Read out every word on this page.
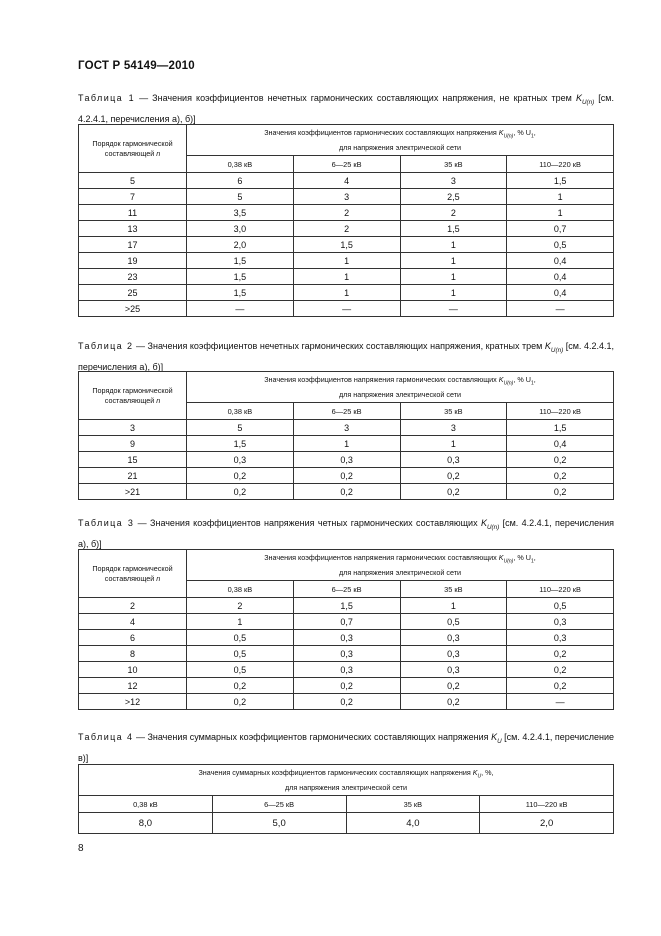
ГОСТ Р 54149—2010
Таблица 1 — Значения коэффициентов нечетных гармонических составляющих напряжения, не кратных трем $K_{U(n)}$ [см. 4.2.4.1, перечисления а), б)]
Порядок гармонической составляющей n	Значения коэффициентов гармонических составляющих напряжения $K_{U(n)}$, % $U_1$,
для напряжения электрической сети			
	0,38 кВ	6—25 кВ	35 кВ	110—220 кВ
5	6	4	3	1,5
7	5	3	2,5	1
11	3,5	2	2	1
13	3,0	2	1,5	0,7
17	2,0	1,5	1	0,5
19	1,5	1	1	0,4
23	1,5	1	1	0,4
25	1,5	1	1	0,4
>25	—	—	—	—
Таблица 2 — Значения коэффициентов нечетных гармонических составляющих напряжения, кратных трем $K_{U(n)}$ [см. 4.2.4.1, перечисления а), б)]
Порядок гармонической составляющей n	Значения коэффициентов напряжения гармонических составляющих $K_{U(n)}$, % $U_1$,
для напряжения электрической сети			
	0,38 кВ	6—25 кВ	35 кВ	110—220 кВ
3	5	3	3	1,5
9	1,5	1	1	0,4
15	0,3	0,3	0,3	0,2
21	0,2	0,2	0,2	0,2
>21	0,2	0,2	0,2	0,2
Таблица 3 — Значения коэффициентов напряжения четных гармонических составляющих $K_{U(n)}$ [см. 4.2.4.1, перечисления а), б)]
Порядок гармонической составляющей n	Значения коэффициентов напряжения гармонических составляющих $K_{U(n)}$, % $U_1$,
для напряжения электрической сети			
	0,38 кВ	6—25 кВ	35 кВ	110—220 кВ
2	2	1,5	1	0,5
4	1	0,7	0,5	0,3
6	0,5	0,3	0,3	0,3
8	0,5	0,3	0,3	0,2
10	0,5	0,3	0,3	0,2
12	0,2	0,2	0,2	0,2
>12	0,2	0,2	0,2	—
Таблица 4 — Значения суммарных коэффициентов гармонических составляющих напряжения $K_U$ [см. 4.2.4.1, перечисление в)]
Значения суммарных коэффициентов гармонических составляющих напряжения $K_U$, %,
для напряжения электрической сети			
0,38 кВ	6—25 кВ	35 кВ	110—220 кВ
8,0	5,0	4,0	2,0
8
